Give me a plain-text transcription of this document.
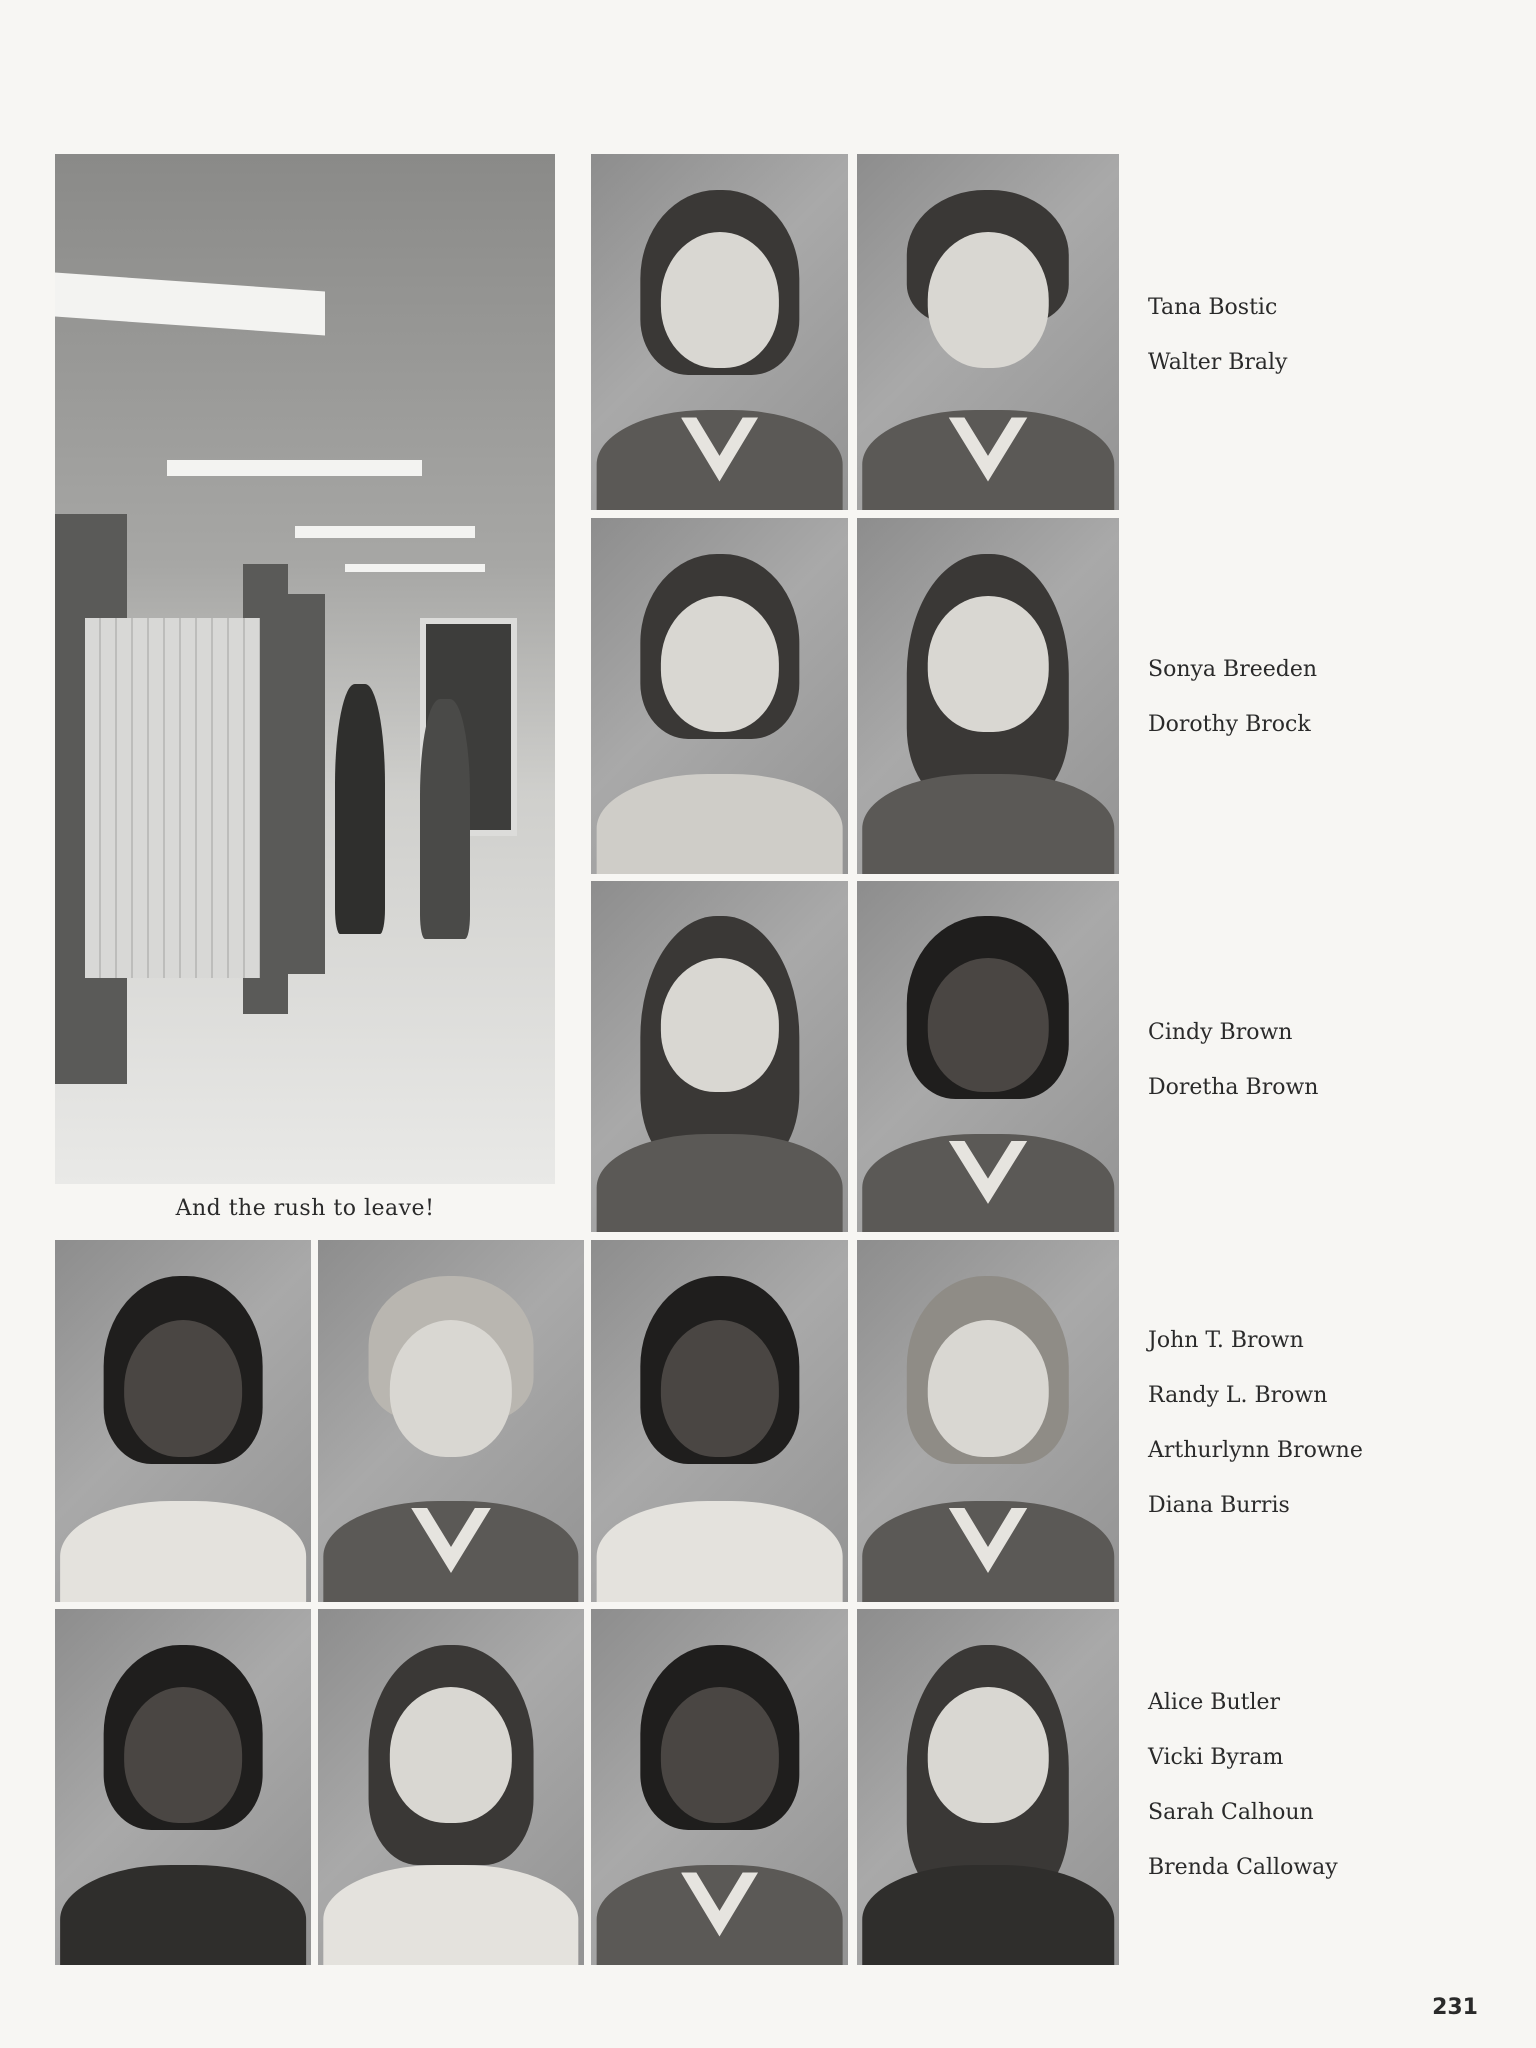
And the rush to leave!
Tana Bostic
Walter Braly
Sonya Breeden
Dorothy Brock
Cindy Brown
Doretha Brown
John T. Brown
Randy L. Brown
Arthurlynn Browne
Diana Burris
Alice Butler
Vicki Byram
Sarah Calhoun
Brenda Calloway
231
